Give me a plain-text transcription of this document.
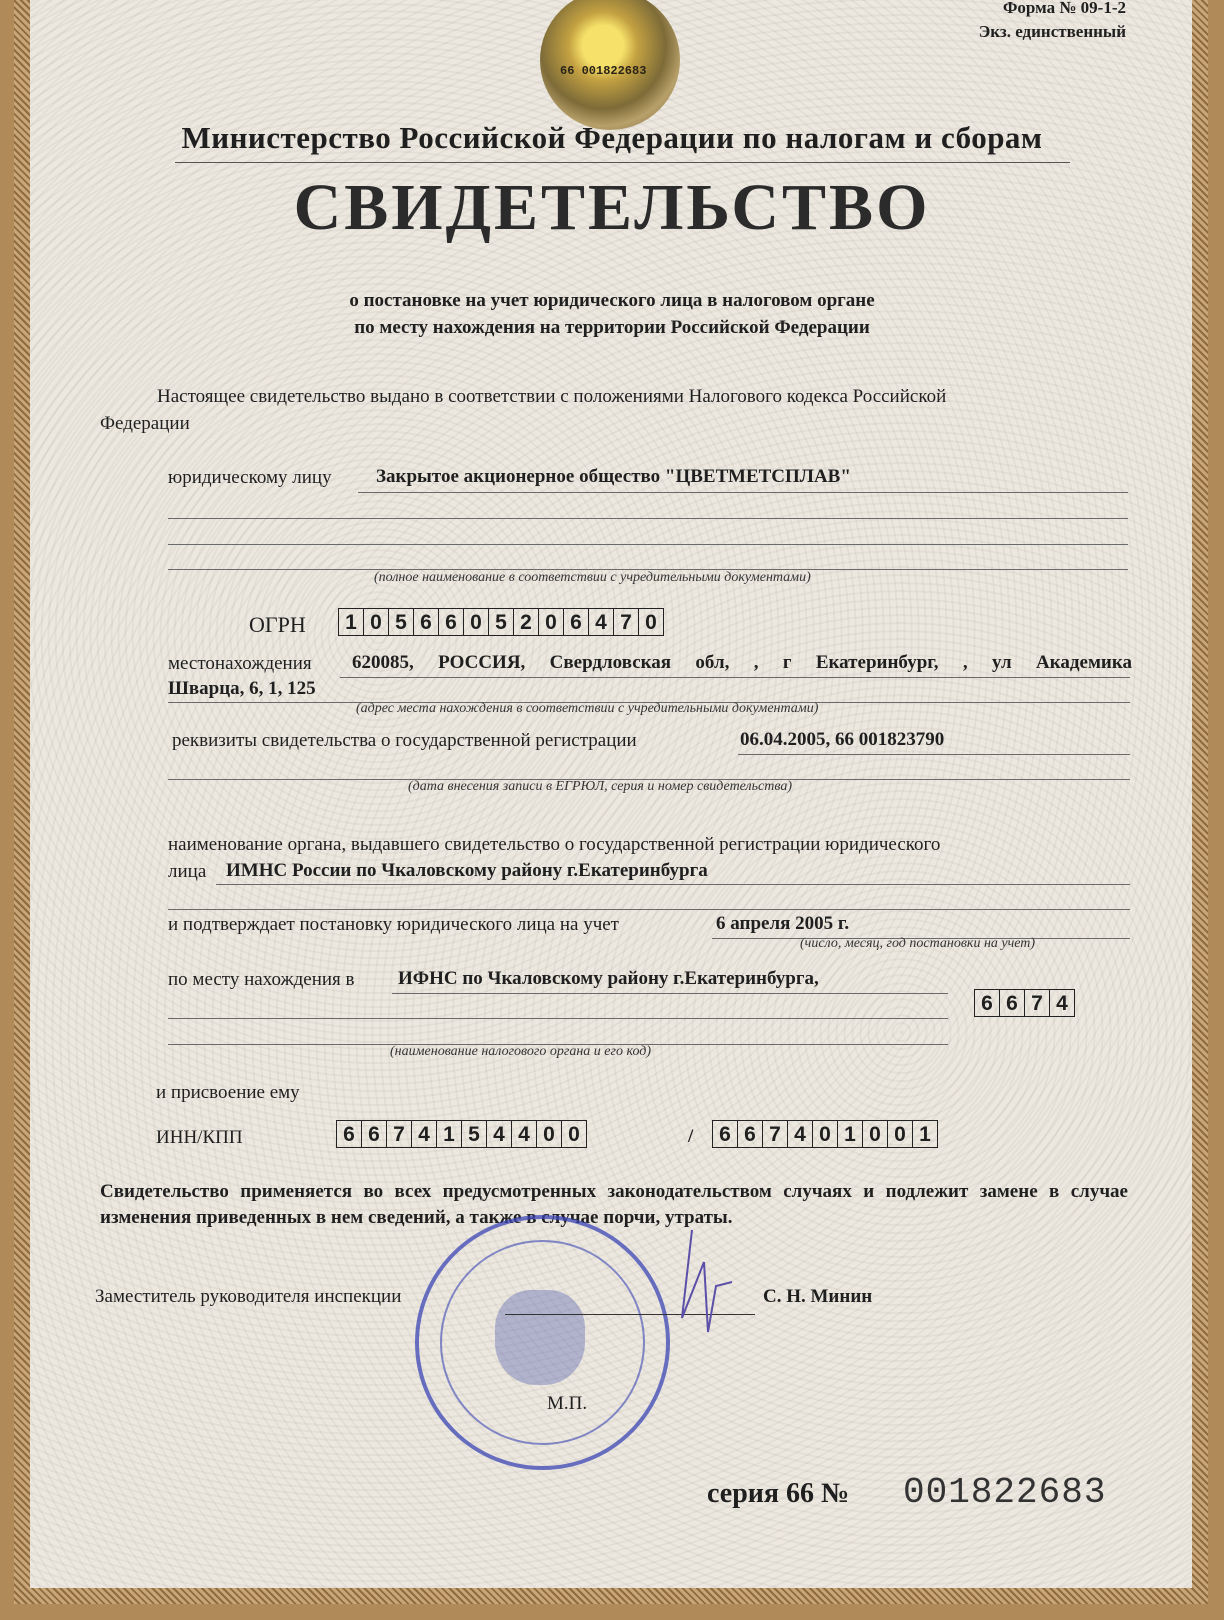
66 001822683
Форма № 09-1-2
Экз. единственный
Министерство Российской Федерации по налогам и сборам
СВИДЕТЕЛЬСТВО
о постановке на учет юридического лица в налоговом органе
по месту нахождения на территории Российской Федерации
Настоящее свидетельство выдано в соответствии с положениями Налогового кодекса Российской
Федерации
юридическому лицу Закрытое акционерное общество "ЦВЕТМЕТСПЛАВ"
(полное наименование в соответствии с учредительными документами)
ОГРН 1 0 5 6 6 0 5 2 0 6 4 7 0
местонахождения 620085, РОССИЯ, Свердловская обл, , г Екатеринбург, , ул Академика
Шварца, 6, 1, 125
(адрес места нахождения в соответствии с учредительными документами)
реквизиты свидетельства о государственной регистрации	06.04.2005, 66 001823790
(дата внесения записи в ЕГРЮЛ, серия и номер свидетельства)
наименование органа, выдавшего свидетельство о государственной регистрации юридического
лица ИМНС России по Чкаловскому району г.Екатеринбурга
и подтверждает постановку юридического лица на учет	6 апреля 2005 г.
(число, месяц, год постановки на учет)
по месту нахождения в ИФНС по Чкаловскому району г.Екатеринбурга,
6 6 7 4
(наименование налогового органа и его код)
и присвоение ему
ИНН/КПП	6 6 7 4 1 5 4 4 0 0	/ 6 6 7 4 0 1 0 0 1
Свидетельство применяется во всех предусмотренных законодательством случаях и подлежит замене в случае изменения приведенных в нем сведений, а также в случае порчи, утраты.
Заместитель руководителя инспекции	С. Н. Минин
М.П.
серия 66 № 001822683
